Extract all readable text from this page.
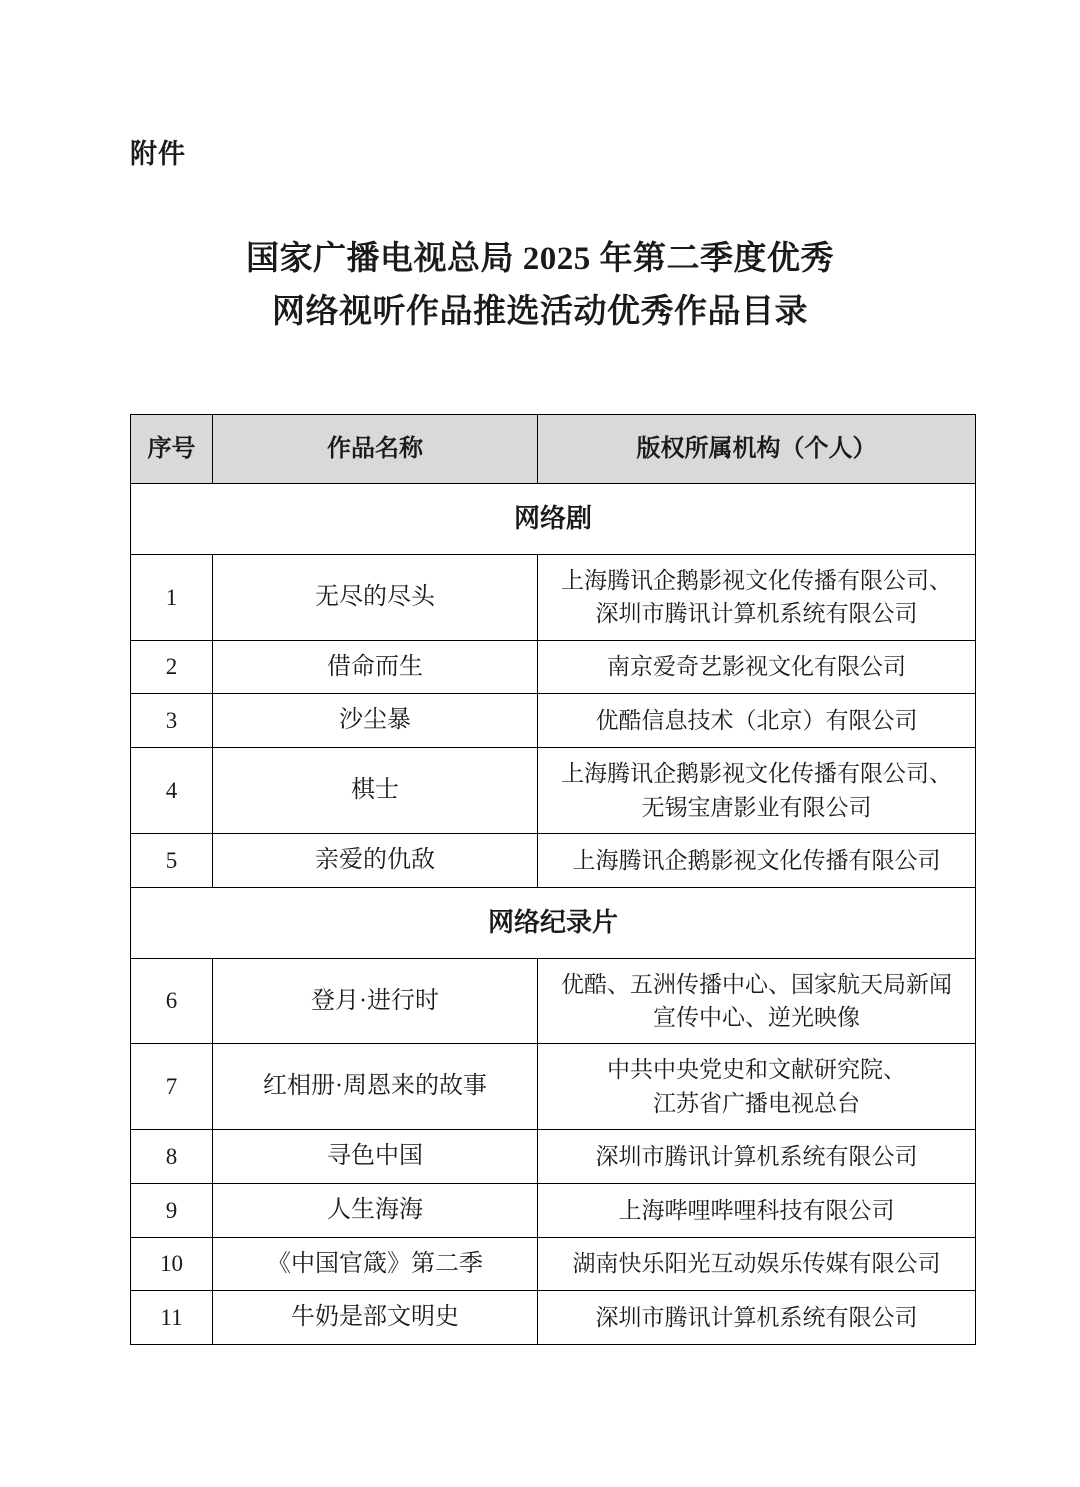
附件
国家广播电视总局 2025 年第二季度优秀
网络视听作品推选活动优秀作品目录
序号	作品名称	版权所属机构（个人）
网络剧		
1	无尽的尽头	上海腾讯企鹅影视文化传播有限公司、
深圳市腾讯计算机系统有限公司

2	借命而生	南京爱奇艺影视文化有限公司

3	沙尘暴	优酷信息技术（北京）有限公司

4	棋士	上海腾讯企鹅影视文化传播有限公司、
无锡宝唐影业有限公司

5	亲爱的仇敌	上海腾讯企鹅影视文化传播有限公司

网络纪录片		
6	登月·进行时	优酷、五洲传播中心、国家航天局新闻
宣传中心、逆光映像

7	红相册·周恩来的故事	中共中央党史和文献研究院、
江苏省广播电视总台

8	寻色中国	深圳市腾讯计算机系统有限公司

9	人生海海	上海哔哩哔哩科技有限公司

10	《中国官箴》第二季	湖南快乐阳光互动娱乐传媒有限公司

11	牛奶是部文明史	深圳市腾讯计算机系统有限公司
